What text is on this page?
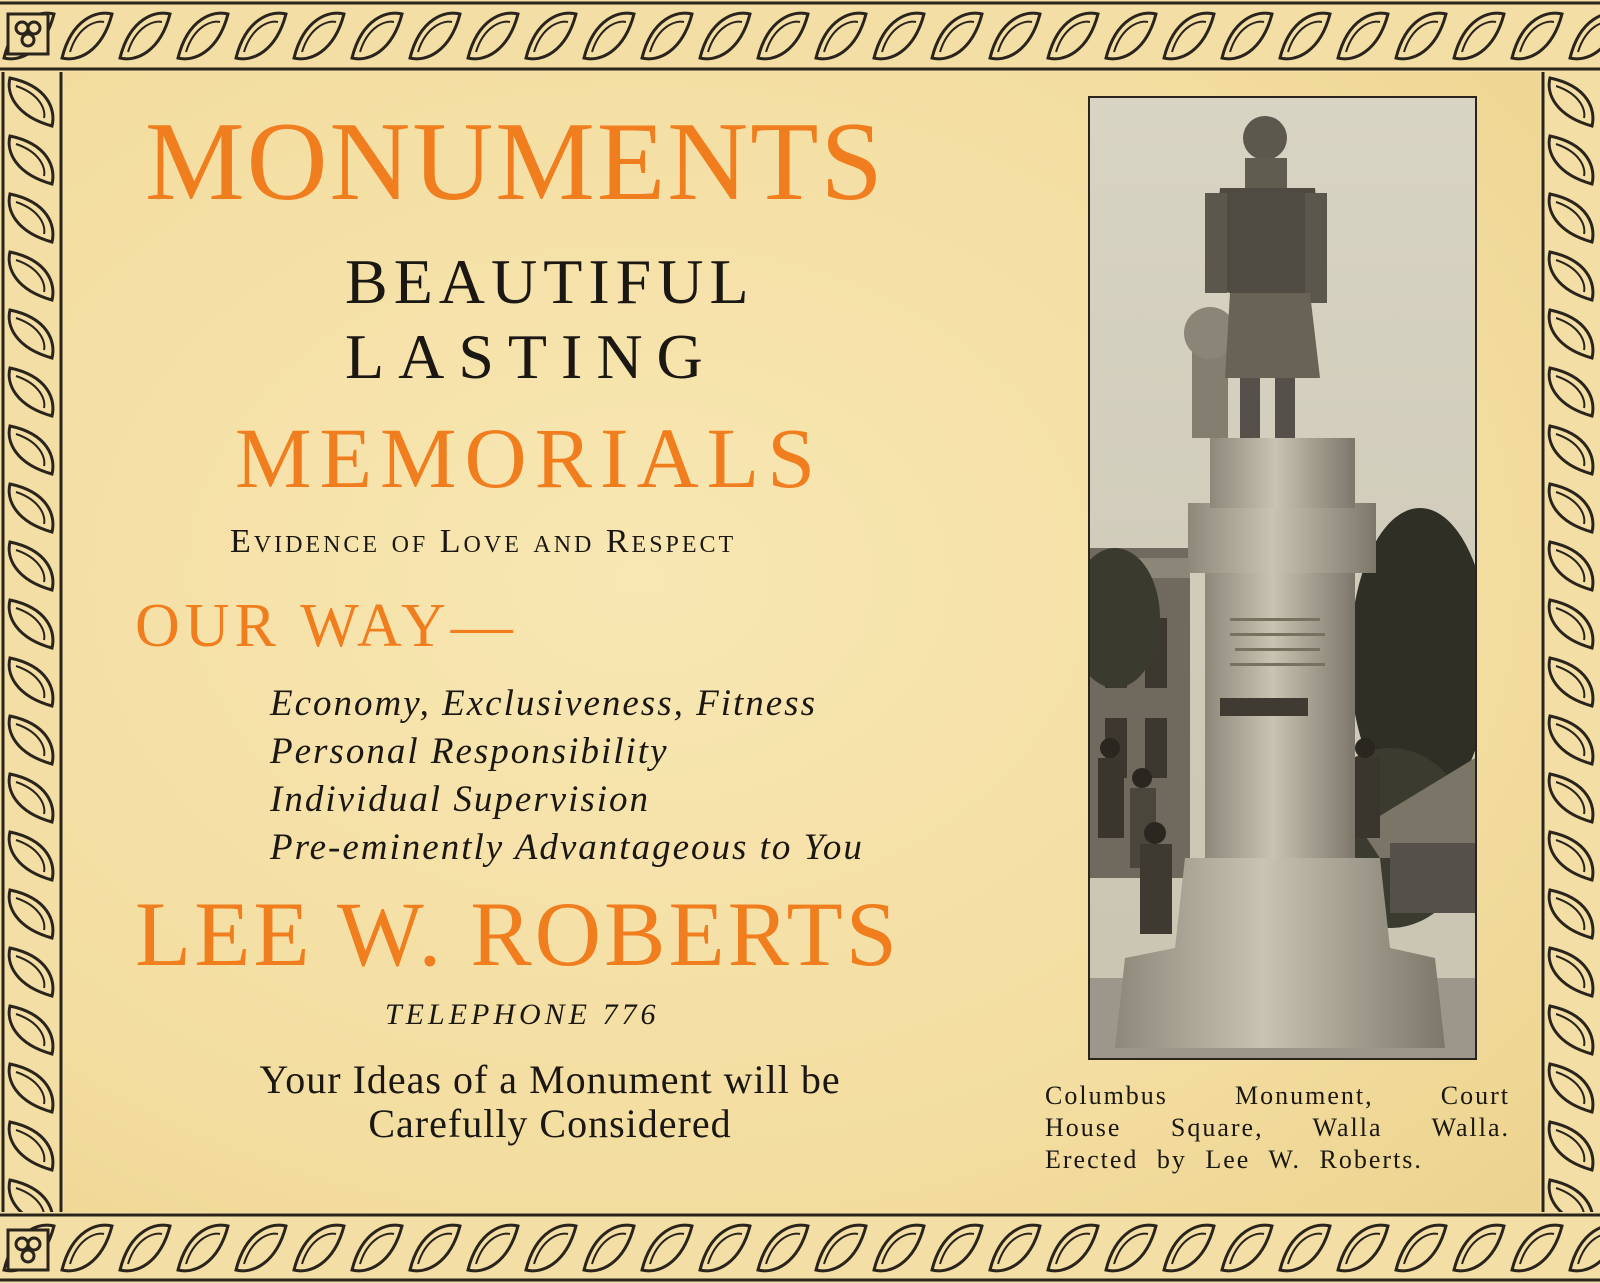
MONUMENTS
BEAUTIFUL
LASTING
MEMORIALS
Evidence of Love and Respect
OUR WAY—
Economy, Exclusiveness, Fitness
Personal Responsibility
Individual Supervision
Pre-eminently Advantageous to You
LEE W. ROBERTS
TELEPHONE 776
Your Ideas of a Monument will be
Carefully Considered
Columbus Monument, Court
House Square, Walla Walla.
Erected by Lee W. Roberts.
